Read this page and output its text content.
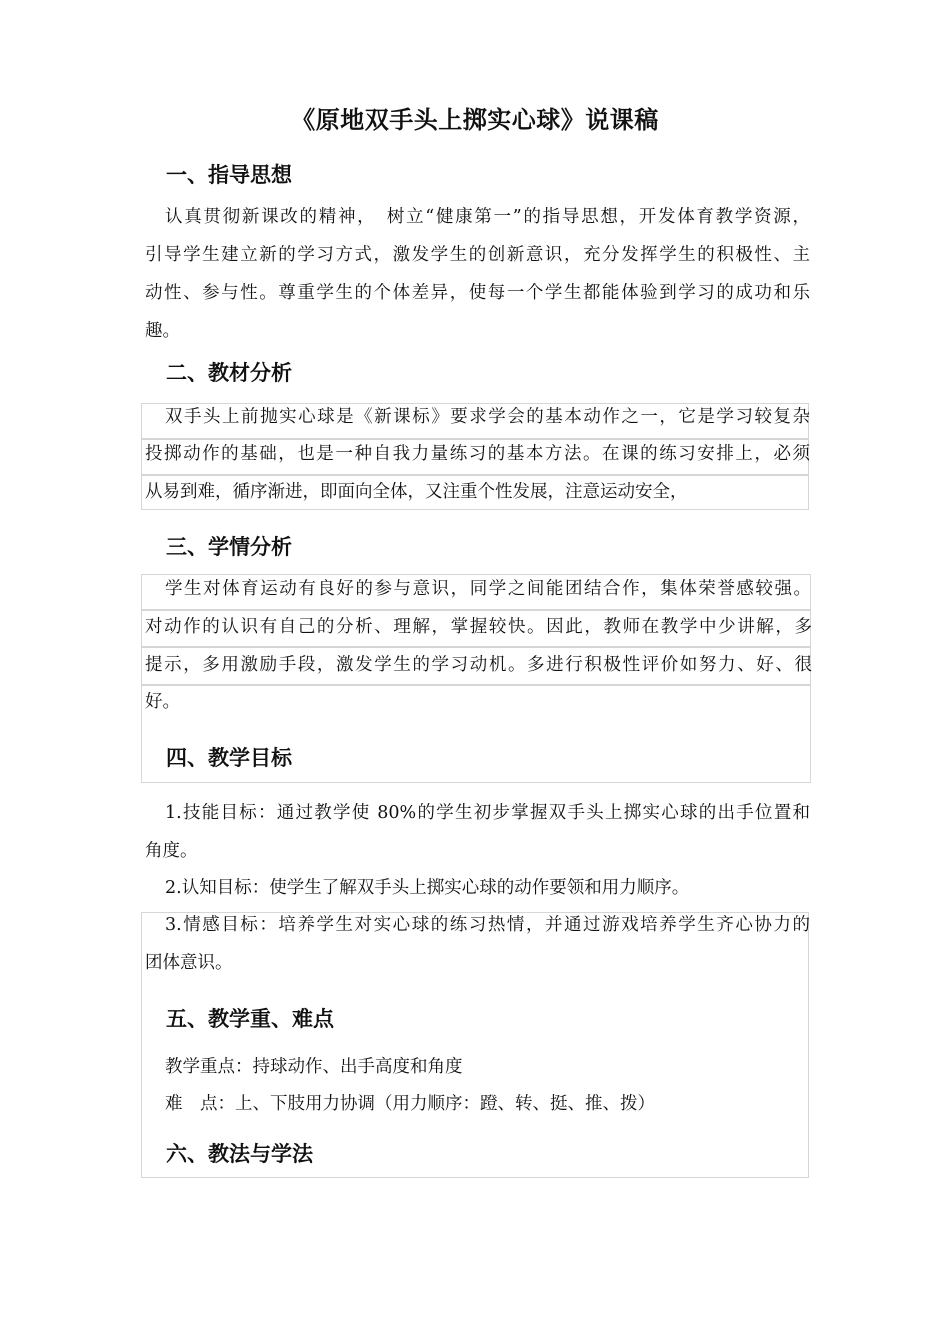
《原地双手头上掷实心球》说课稿
一、指导思想
认真贯彻新课改的精神，　树立“健康第一”的指导思想，开发体育教学资源，
引导学生建立新的学习方式，激发学生的创新意识，充分发挥学生的积极性、主
动性、参与性。尊重学生的个体差异，使每一个学生都能体验到学习的成功和乐
趣。
二、教材分析
双手头上前抛实心球是《新课标》要求学会的基本动作之一，它是学习较复杂
投掷动作的基础，也是一种自我力量练习的基本方法。在课的练习安排上，必须
从易到难，循序渐进，即面向全体，又注重个性发展，注意运动安全，
三、学情分析
学生对体育运动有良好的参与意识，同学之间能团结合作，集体荣誉感较强。
对动作的认识有自己的分析、理解，掌握较快。因此，教师在教学中少讲解，多
提示，多用激励手段，激发学生的学习动机。多进行积极性评价如努力、好、很
好。
四、教学目标
1.技能目标：通过教学使 80%的学生初步掌握双手头上掷实心球的出手位置和
角度。
2.认知目标：使学生了解双手头上掷实心球的动作要领和用力顺序。
3.情感目标：培养学生对实心球的练习热情，并通过游戏培养学生齐心协力的
团体意识。
五、教学重、难点
教学重点：持球动作、出手高度和角度
难　点：上、下肢用力协调（用力顺序：蹬、转、挺、推、拨）
六、教法与学法
